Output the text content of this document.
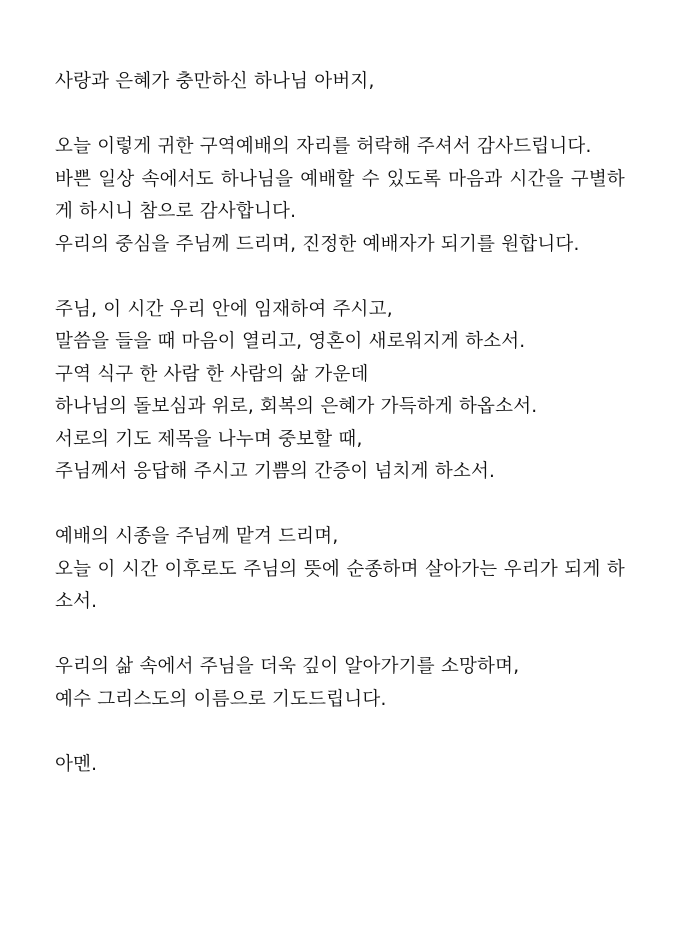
사랑과 은혜가 충만하신 하나님 아버지,
오늘 이렇게 귀한 구역예배의 자리를 허락해 주셔서 감사드립니다.
바쁜 일상 속에서도 하나님을 예배할 수 있도록 마음과 시간을 구별하게 하시니 참으로 감사합니다.
우리의 중심을 주님께 드리며, 진정한 예배자가 되기를 원합니다.
주님, 이 시간 우리 안에 임재하여 주시고,
말씀을 들을 때 마음이 열리고, 영혼이 새로워지게 하소서.
구역 식구 한 사람 한 사람의 삶 가운데
하나님의 돌보심과 위로, 회복의 은혜가 가득하게 하옵소서.
서로의 기도 제목을 나누며 중보할 때,
주님께서 응답해 주시고 기쁨의 간증이 넘치게 하소서.
예배의 시종을 주님께 맡겨 드리며,
오늘 이 시간 이후로도 주님의 뜻에 순종하며 살아가는 우리가 되게 하소서.
우리의 삶 속에서 주님을 더욱 깊이 알아가기를 소망하며,
예수 그리스도의 이름으로 기도드립니다.
아멘.
